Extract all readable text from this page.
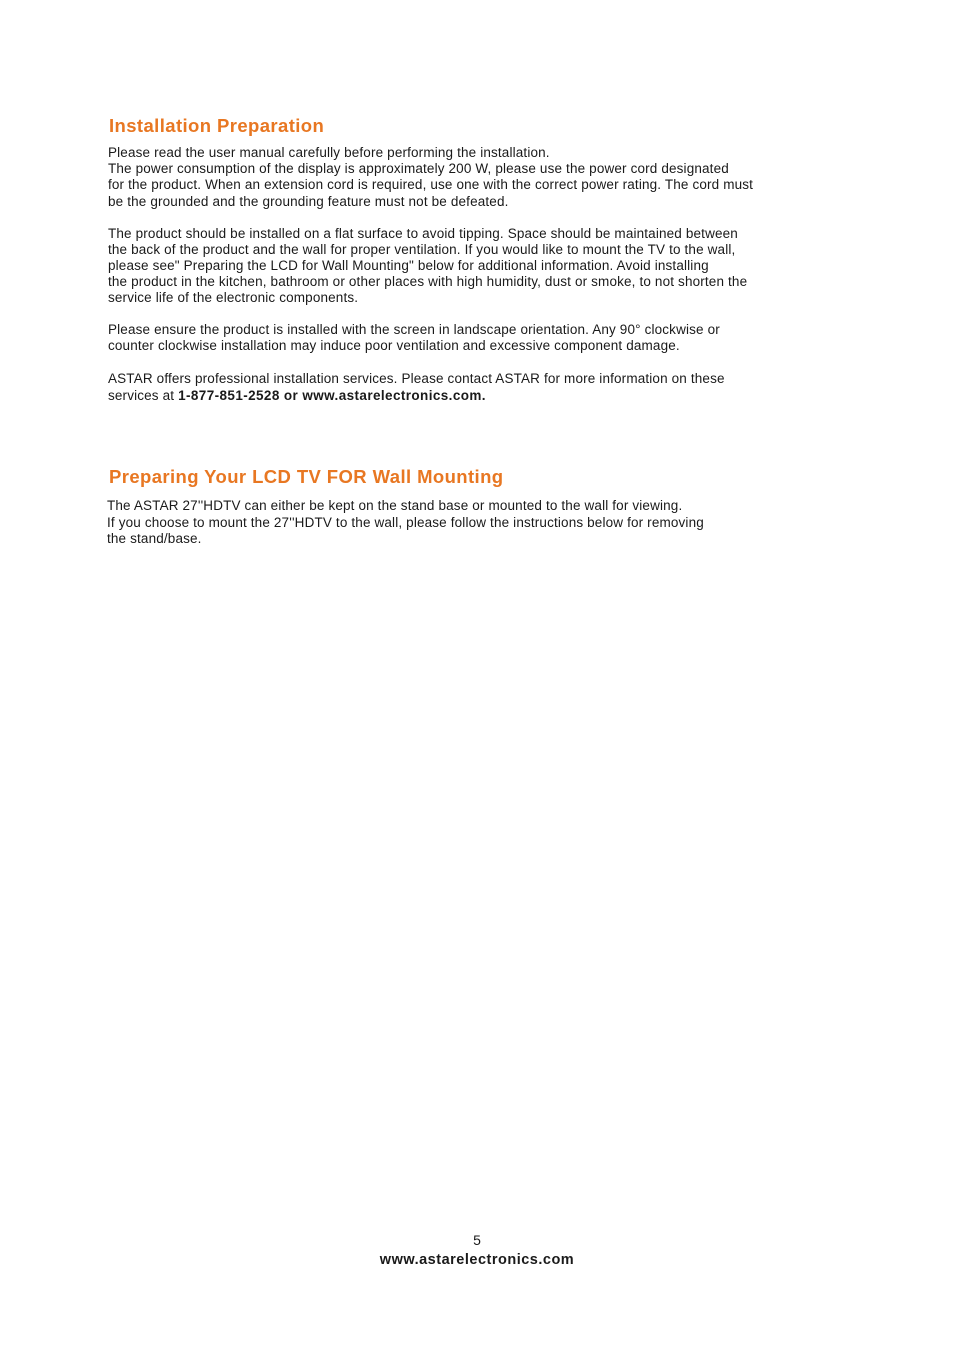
Installation Preparation

Please read the user manual carefully before performing the installation.

The power consumption of the display is approximately 200 W, please use the power cord designated

for the product. When an extension cord is required, use one with the correct power rating. The cord must

be the grounded and the grounding feature must not be defeated.

The product should be installed on a flat surface to avoid tipping. Space should be maintained between

the back of the product and the wall for proper ventilation. If you would like to mount the TV to the wall,

please see" Preparing the LCD for Wall Mounting" below for additional information. Avoid installing

the product in the kitchen, bathroom or other places with high humidity, dust or smoke, to not shorten the

service life of the electronic components.

Please ensure the product is installed with the screen in landscape orientation. Any 90° clockwise or

counter clockwise installation may induce poor ventilation and excessive component damage.

ASTAR offers professional installation services. Please contact ASTAR for more information on these

services at 1-877-851-2528 or www.astarelectronics.com.

Preparing Your LCD TV FOR Wall Mounting

The ASTAR 27''HDTV can either be kept on the stand base or mounted to the wall for viewing.

If you choose to mount the 27''HDTV to the wall, please follow the instructions below for removing

the stand/base.

5
www.astarelectronics.com
